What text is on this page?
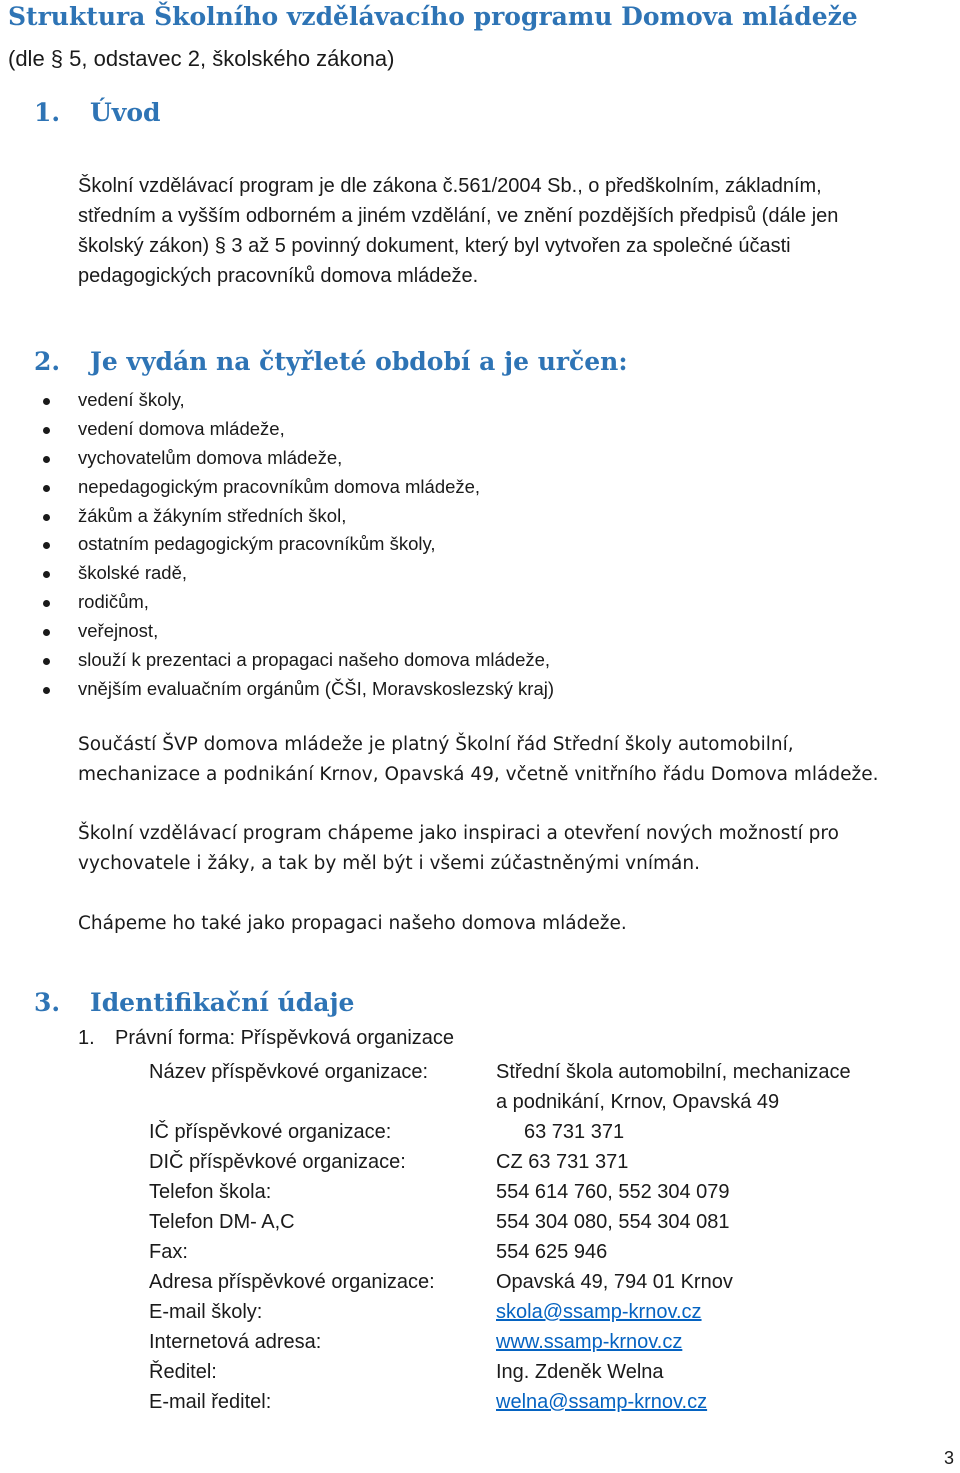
Struktura Školního vzdělávacího programu Domova mládeže
(dle § 5, odstavec 2, školského zákona)
1. Úvod
Školní vzdělávací program je dle zákona č.561/2004 Sb., o předškolním, základním,
středním a vyšším odborném a jiném vzdělání, ve znění pozdějších předpisů (dále jen
školský zákon) § 3 až 5 povinný dokument, který byl vytvořen za společné účasti
pedagogických pracovníků domova mládeže.
2. Je vydán na čtyřleté období a je určen:
vedení školy,
vedení domova mládeže,
vychovatelům domova mládeže,
nepedagogickým pracovníkům domova mládeže,
žákům a žákyním středních škol,
ostatním pedagogickým pracovníkům školy,
školské radě,
rodičům,
veřejnost,
slouží k prezentaci a propagaci našeho domova mládeže,
vnějším evaluačním orgánům (ČŠI, Moravskoslezský kraj)
Součástí ŠVP domova mládeže je platný Školní řád Střední školy automobilní,
mechanizace a podnikání Krnov, Opavská 49, včetně vnitřního řádu Domova mládeže.
Školní vzdělávací program chápeme jako inspiraci a otevření nových možností pro
vychovatele i žáky, a tak by měl být i všemi zúčastněnými vnímán.
Chápeme ho také jako propagaci našeho domova mládeže.
3. Identifikační údaje
1. Právní forma: Příspěvková organizace
Název příspěvkové organizace:	Střední škola automobilní, mechanizace
a podnikání, Krnov, Opavská 49
IČ příspěvkové organizace:	63 731 371
DIČ příspěvkové organizace:	CZ 63 731 371
Telefon škola:	554 614 760, 552 304 079
Telefon DM- A,C	554 304 080, 554 304 081
Fax:	554 625 946
Adresa příspěvkové organizace:	Opavská 49, 794 01 Krnov
E-mail školy:	skola@ssamp-krnov.cz
Internetová adresa:	www.ssamp-krnov.cz
Ředitel:	Ing. Zdeněk Welna
E-mail ředitel:	welna@ssamp-krnov.cz
3
